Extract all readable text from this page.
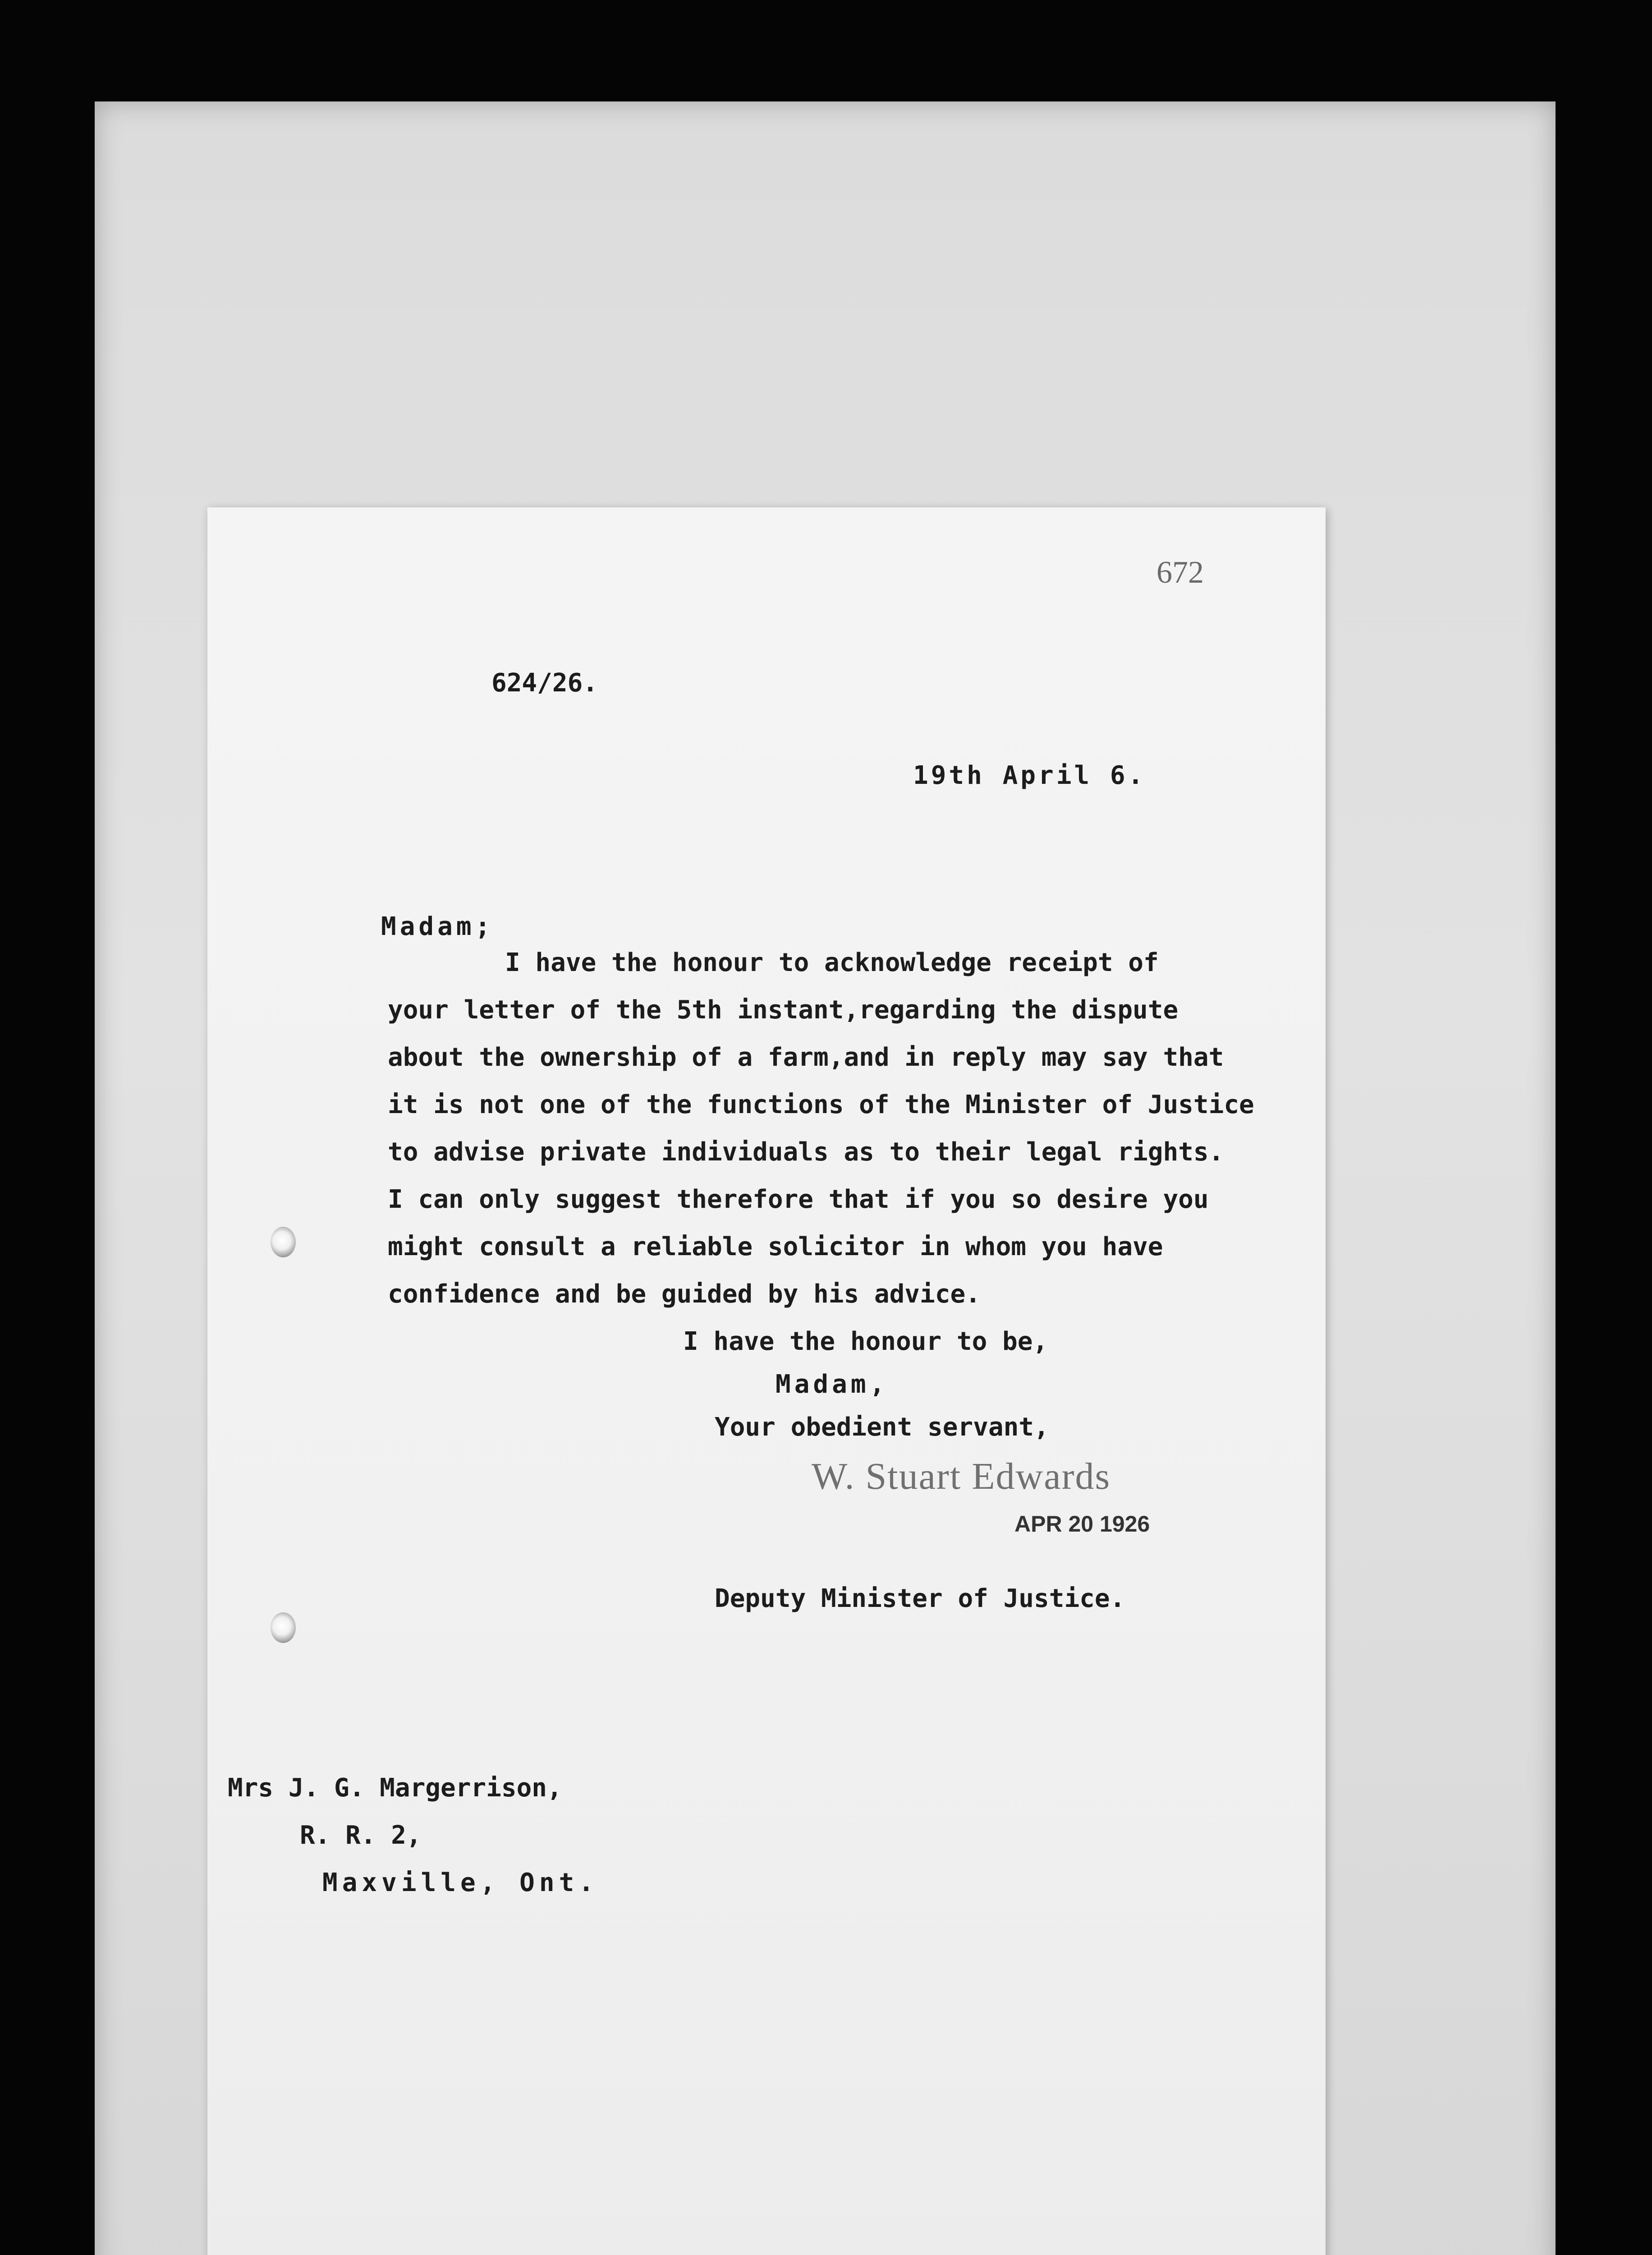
672
624/26.
19th April 6.
Madam;
I have the honour to acknowledge receipt of
your letter of the 5th instant,regarding the dispute
about the ownership of a farm,and in reply may say that
it is not one of the functions of the Minister of Justice
to advise private individuals as to their legal rights.
I can only suggest therefore that if you so desire you
might consult a reliable solicitor in whom you have
confidence and be guided by his advice.
I have the honour to be,
Madam,
Your obedient servant,
W. Stuart Edwards
APR 20 1926
Deputy Minister of Justice.
Mrs J. G. Margerrison,
R. R. 2,
Maxville, Ont.
